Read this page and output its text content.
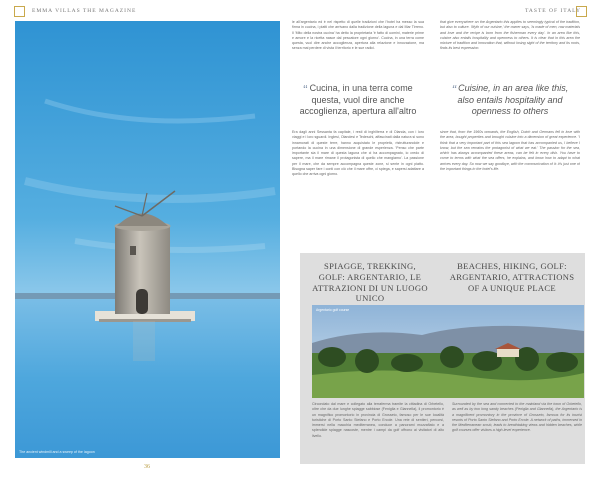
EMMA VILLAS THE MAGAZINE
The ancient windmill and a sweep of the lagoon
36

le all'argentario ed è nel rispetto di quelle tradizioni che l'hotel ha messo la sua firma in cucina, i piatti che arrivano dalla tradizione della laguna e dal Mar Tirreno. Il 'Mito della nostra cucina' ha detto la proprietaria 'è fatto di uomini, materie prime e amore e la ricetta nasce dal pescatore ogni giorno'. Cucina, in una terra come questa, vuol dire anche accoglienza, apertura alla relazione e innovazione, ma senza mai perdere di vista il territorio e le sue radici.

“ Cucina, in una terra come questa, vuol dire anche accoglienza, apertura all'altro

Era dagli anni Sessanta fa capitale, i resti di inghilterra e di Olanda, con i loro viaggi e i loro sguardi. Inglesi, Olandesi e Tedeschi, affascinati dalla natura si sono innamorati di queste terre, hanno acquistato le proprietà, ristrutturandole e portando la cucina in una dimensione di grande esperienza. 'Penso che parte importante sia il mare di questa laguna che ci ha accompagnato, io credo di sapere, ma il mare rimane il protagonista di quello che mangiamo'. La passione per il mare, che da sempre accompagna queste zone, si sente in ogni piatto. Bisogna saper fare i conti con ciò che il mare offre, ci spiega, e sapersi adattare a quello che arriva ogni giorno.

TASTE OF ITALY

that give everywhere on the Argentario this applies to seemingly typical of the tradition, but also to culture. 'Myth of our cuisine,' the owner says, 'is made of men, raw materials and love and the recipe is born from the fisherman every day'. In an area like this, cuisine also entails hospitality and openness to others. It is clear that in this area the mixture of tradition and innovation that, without losing sight of the territory and its roots, finds its best expression.

“ Cuisine, in an area like this, also entails hospitality and openness to others

since that, from the 1960s onwards, the English, Dutch and Germans fell in love with the area, bought properties and brought cuisine into a dimension of great experience. 'I think that a very important part of this sea lagoon that has accompanied us, I believe I know, but the sea remains the protagonist of what we eat.' The passion for the sea, which has always accompanied these areas, can be felt in every dish. You have to come to terms with what the sea offers, he explains, and know how to adapt to what arrives every day. So now we say goodbye, with the communication of it: it's just one of the important things in the hotel's life.

SPIAGGE, TREKKING, GOLF: ARGENTARIO, LE ATTRAZIONI DI UN LUOGO UNICO
BEACHES, HIKING, GOLF: ARGENTARIO, ATTRACTIONS OF A UNIQUE PLACE
Argentario golf course

Circondato dal mare e collegato alla terraferma tramite la cittadina di Orbetello, oltre che da due lunghe spiagge sabbiose (Feniglia e Giannella), il promontorio è un magnifico promontorio in provincia di Grosseto, famoso per le sue località turistiche di Porto Santo Stefano e Porto Ercole. Una rete di sentieri, percorsi, immersi nella macchia mediterranea, conduce a panorami mozzafiato e a splendide spiagge nascoste, mentre i campi da golf offrono ai visitatori di alto livello.

Surrounded by the sea and connected to the mainland via the town of Orbetello, as well as by two long sandy beaches (Feniglia and Giannella), the Argentario is a magnificent promontory in the province of Grosseto, famous for its tourist resorts of Porto Santo Stefano and Porto Ercole. A network of paths, immersed in the Mediterranean scrub, leads to breathtaking views and hidden beaches, while golf courses offer visitors a high-level experience.
